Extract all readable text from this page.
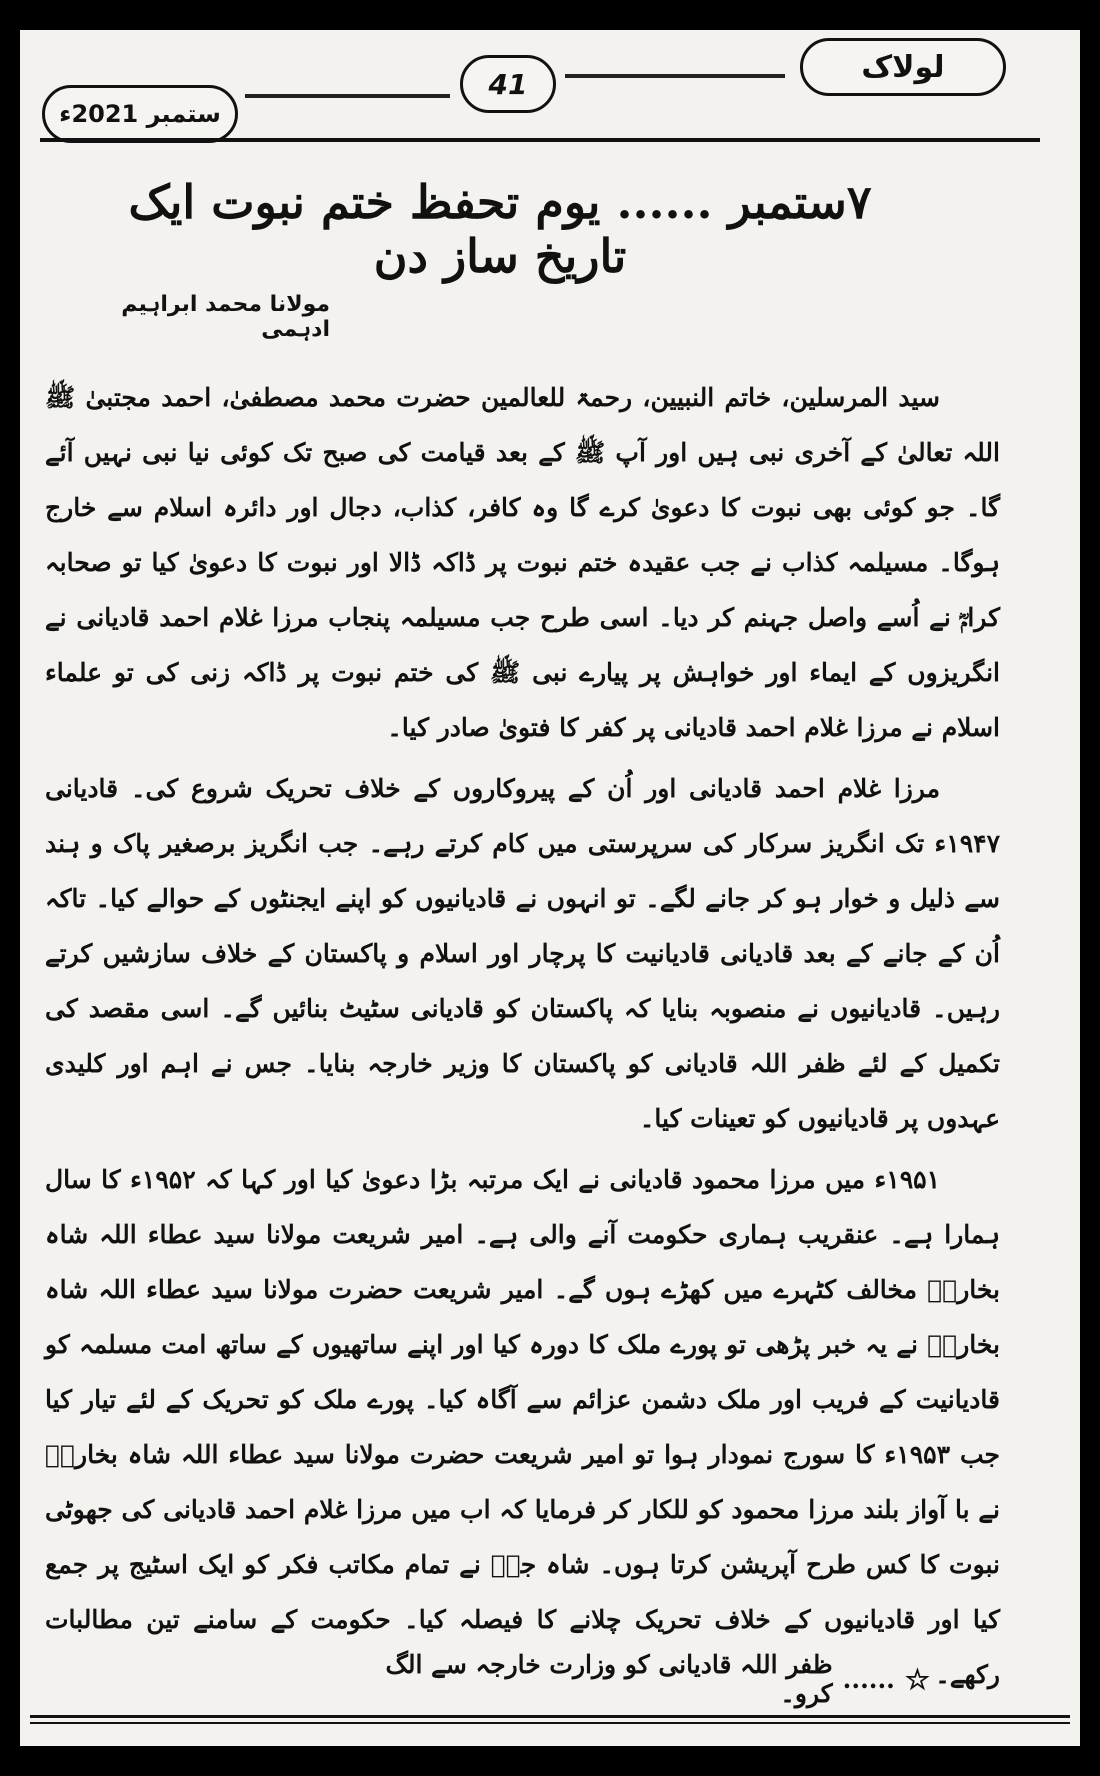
لولاک
41
ستمبر 2021ء
۷ستمبر ...... یوم تحفظ ختم نبوت ایک تاریخ ساز دن
مولانا محمد ابراہیم ادہمی

سید المرسلین، خاتم النبیین، رحمۃ للعالمین حضرت محمد مصطفیٰ، احمد مجتبیٰ ﷺ اللہ تعالیٰ کے آخری نبی ہیں اور آپ ﷺ کے بعد قیامت کی صبح تک کوئی نیا نبی نہیں آئے گا۔ جو کوئی بھی نبوت کا دعویٰ کرے گا وہ کافر، کذاب، دجال اور دائرہ اسلام سے خارج ہوگا۔ مسیلمہ کذاب نے جب عقیدہ ختم نبوت پر ڈاکہ ڈالا اور نبوت کا دعویٰ کیا تو صحابہ کرامؓ نے اُسے واصل جہنم کر دیا۔ اسی طرح جب مسیلمہ پنجاب مرزا غلام احمد قادیانی نے انگریزوں کے ایماء اور خواہش پر پیارے نبی ﷺ کی ختم نبوت پر ڈاکہ زنی کی تو علماء اسلام نے مرزا غلام احمد قادیانی پر کفر کا فتویٰ صادر کیا۔

مرزا غلام احمد قادیانی اور اُن کے پیروکاروں کے خلاف تحریک شروع کی۔ قادیانی ۱۹۴۷ء تک انگریز سرکار کی سرپرستی میں کام کرتے رہے۔ جب انگریز برصغیر پاک و ہند سے ذلیل و خوار ہو کر جانے لگے۔ تو انہوں نے قادیانیوں کو اپنے ایجنٹوں کے حوالے کیا۔ تاکہ اُن کے جانے کے بعد قادیانی قادیانیت کا پرچار اور اسلام و پاکستان کے خلاف سازشیں کرتے رہیں۔ قادیانیوں نے منصوبہ بنایا کہ پاکستان کو قادیانی سٹیٹ بنائیں گے۔ اسی مقصد کی تکمیل کے لئے ظفر اللہ قادیانی کو پاکستان کا وزیر خارجہ بنایا۔ جس نے اہم اور کلیدی عہدوں پر قادیانیوں کو تعینات کیا۔

۱۹۵۱ء میں مرزا محمود قادیانی نے ایک مرتبہ بڑا دعویٰ کیا اور کہا کہ ۱۹۵۲ء کا سال ہمارا ہے۔ عنقریب ہماری حکومت آنے والی ہے۔ امیر شریعت مولانا سید عطاء اللہ شاہ بخاریؒ مخالف کٹہرے میں کھڑے ہوں گے۔ امیر شریعت حضرت مولانا سید عطاء اللہ شاہ بخاریؒ نے یہ خبر پڑھی تو پورے ملک کا دورہ کیا اور اپنے ساتھیوں کے ساتھ امت مسلمہ کو قادیانیت کے فریب اور ملک دشمن عزائم سے آگاہ کیا۔ پورے ملک کو تحریک کے لئے تیار کیا جب ۱۹۵۳ء کا سورج نمودار ہوا تو امیر شریعت حضرت مولانا سید عطاء اللہ شاہ بخاریؒ نے با آواز بلند مرزا محمود کو للکار کر فرمایا کہ اب میں مرزا غلام احمد قادیانی کی جھوٹی نبوت کا کس طرح آپریشن کرتا ہوں۔ شاہ جیؒ نے تمام مکاتب فکر کو ایک اسٹیج پر جمع کیا اور قادیانیوں کے خلاف تحریک چلانے کا فیصلہ کیا۔ حکومت کے سامنے تین مطالبات رکھے۔

☆
......
ظفر اللہ قادیانی کو وزارت خارجہ سے الگ کرو۔
